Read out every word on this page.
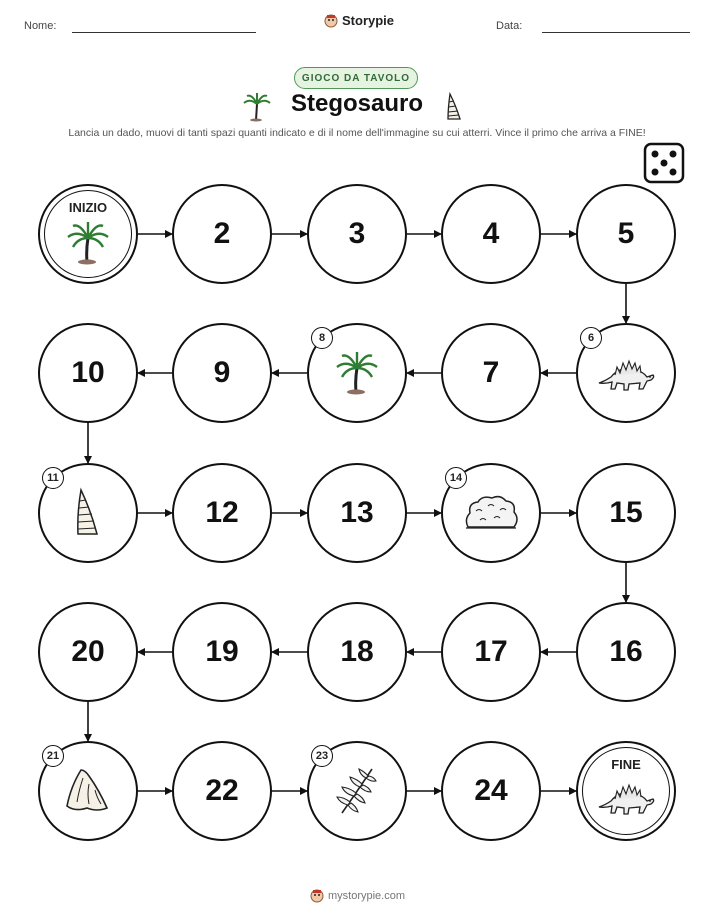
Nome:	Storypie	Data:
GIOCO DA TAVOLO
Stegosauro
Lancia un dado, muovi di tanti spazi quanti indicato e di il nome dell'immagine su cui atterri. Vince il primo che arriva a FINE!
INIZIO
2	3	4	5
6
7
8
9
10
11
12	13
14
15
16
17
18
19
20
21
22
23
24
FINE
mystorypie.com
